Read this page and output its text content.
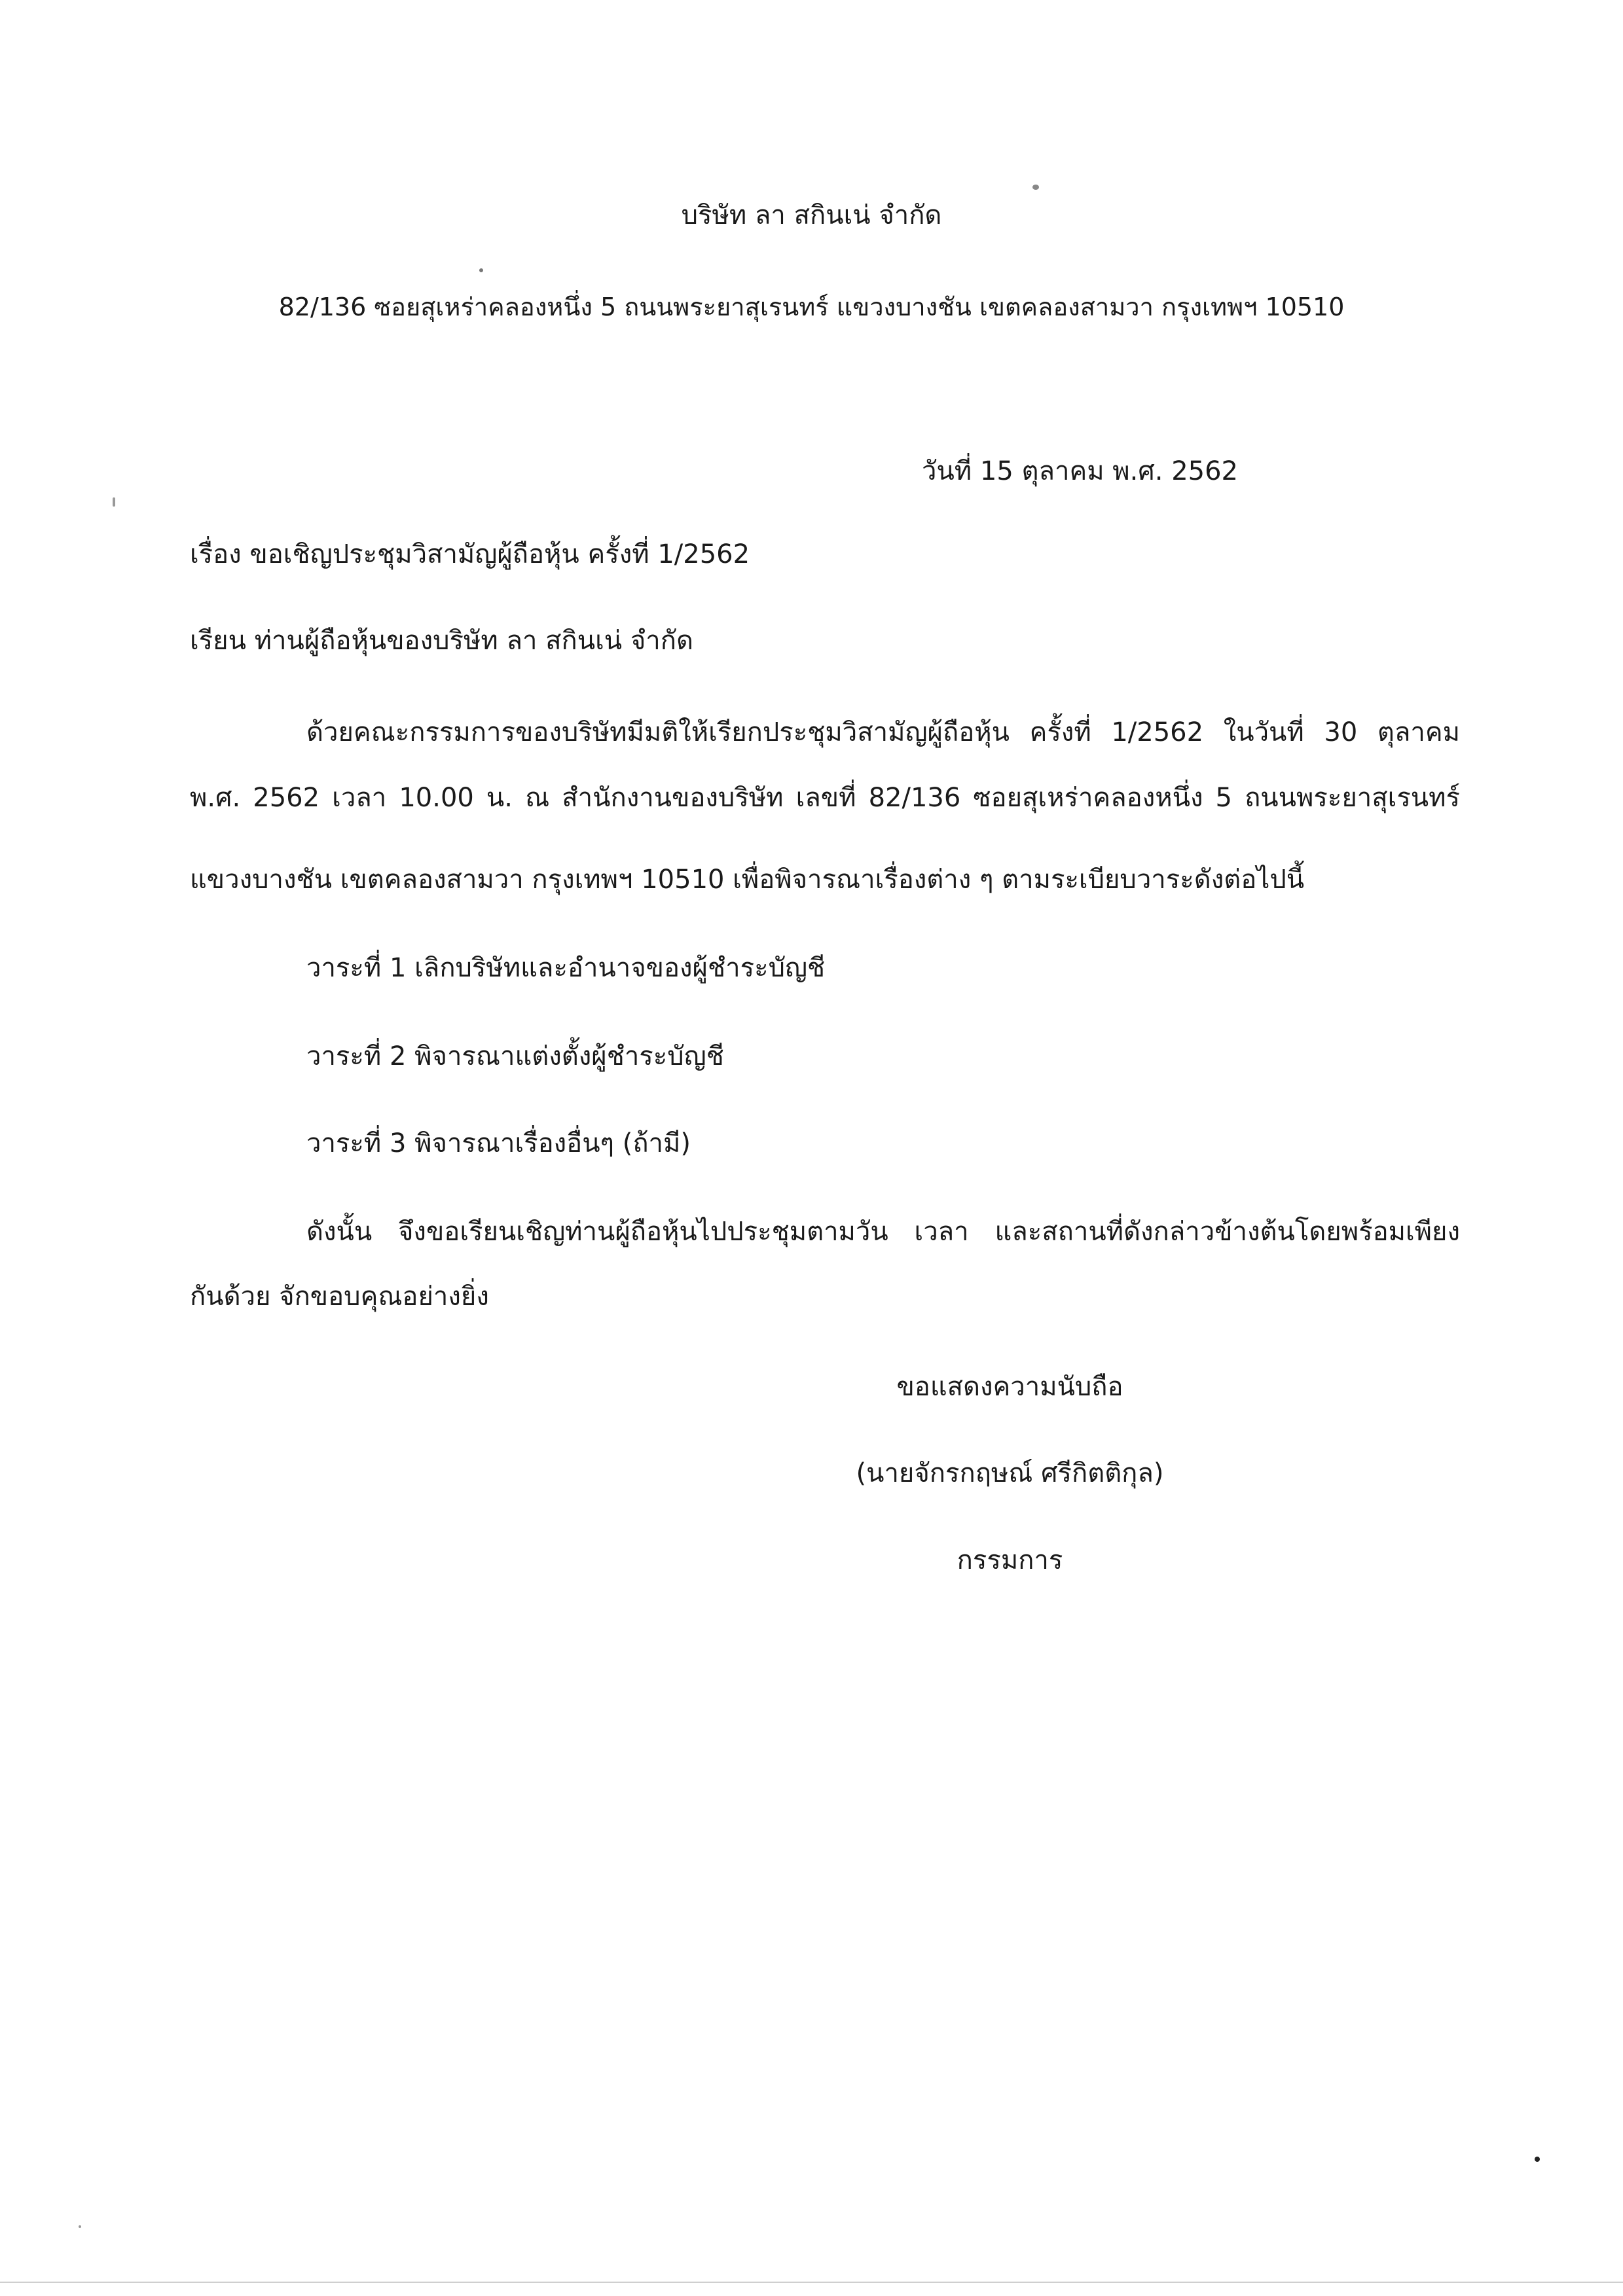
บริษัท ลา สกินเน่ จำกัด
82/136 ซอยสุเหร่าคลองหนึ่ง 5 ถนนพระยาสุเรนทร์ แขวงบางชัน เขตคลองสามวา กรุงเทพฯ 10510
วันที่ 15 ตุลาคม พ.ศ. 2562
เรื่อง ขอเชิญประชุมวิสามัญผู้ถือหุ้น ครั้งที่ 1/2562
เรียน ท่านผู้ถือหุ้นของบริษัท ลา สกินเน่ จำกัด
ด้วยคณะกรรมการของบริษัทมีมติให้เรียกประชุมวิสามัญผู้ถือหุ้น ครั้งที่ 1/2562 ในวันที่ 30 ตุลาคม
พ.ศ. 2562 เวลา 10.00 น. ณ สำนักงานของบริษัท เลขที่ 82/136 ซอยสุเหร่าคลองหนึ่ง 5 ถนนพระยาสุเรนทร์
แขวงบางชัน เขตคลองสามวา กรุงเทพฯ 10510 เพื่อพิจารณาเรื่องต่าง ๆ ตามระเบียบวาระดังต่อไปนี้
วาระที่ 1 เลิกบริษัทและอำนาจของผู้ชำระบัญชี
วาระที่ 2 พิจารณาแต่งตั้งผู้ชำระบัญชี
วาระที่ 3 พิจารณาเรื่องอื่นๆ (ถ้ามี)
ดังนั้น จึงขอเรียนเชิญท่านผู้ถือหุ้นไปประชุมตามวัน เวลา และสถานที่ดังกล่าวข้างต้นโดยพร้อมเพียง
กันด้วย จักขอบคุณอย่างยิ่ง
ขอแสดงความนับถือ
(นายจักรกฤษณ์ ศรีกิตติกุล)
กรรมการ
